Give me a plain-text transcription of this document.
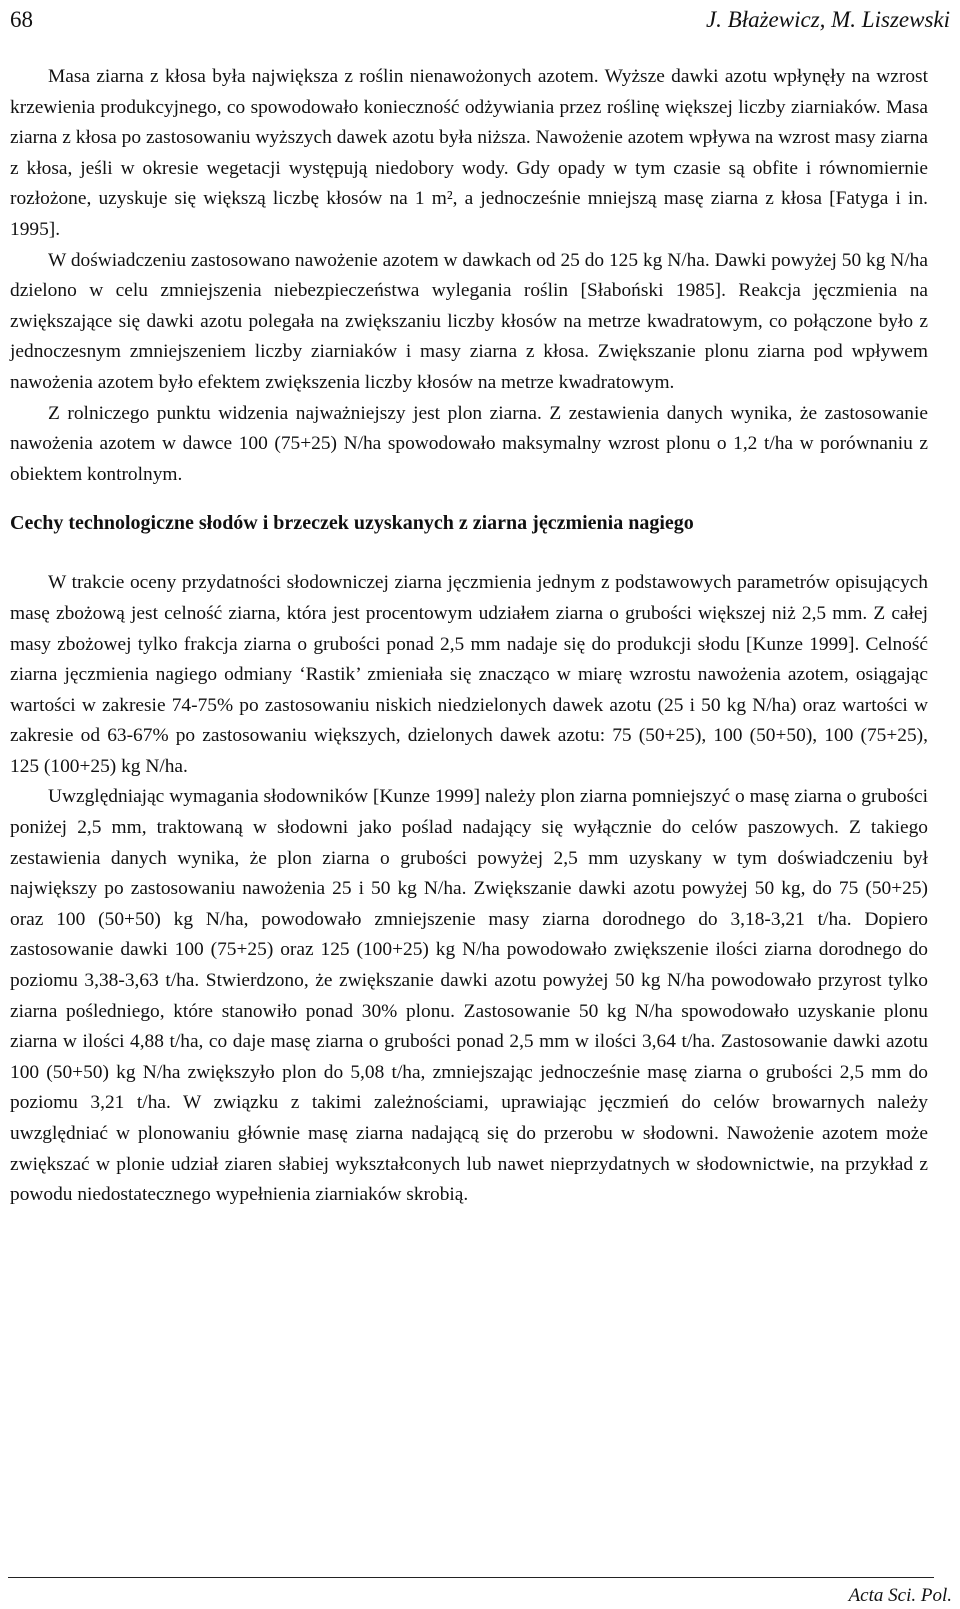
68	J. Błażewicz, M. Liszewski

Masa ziarna z kłosa była największa z roślin nienawożonych azotem. Wyższe dawki azotu wpłynęły na wzrost krzewienia produkcyjnego, co spowodowało konieczność odżywiania przez roślinę większej liczby ziarniaków. Masa ziarna z kłosa po zastosowaniu wyższych dawek azotu była niższa. Nawożenie azotem wpływa na wzrost masy ziarna z kłosa, jeśli w okresie wegetacji występują niedobory wody. Gdy opady w tym czasie są obfite i równomiernie rozłożone, uzyskuje się większą liczbę kłosów na 1 m², a jednocześnie mniejszą masę ziarna z kłosa [Fatyga i in. 1995].

W doświadczeniu zastosowano nawożenie azotem w dawkach od 25 do 125 kg N/ha. Dawki powyżej 50 kg N/ha dzielono w celu zmniejszenia niebezpieczeństwa wylegania roślin [Słaboński 1985]. Reakcja jęczmienia na zwiększające się dawki azotu polegała na zwiększaniu liczby kłosów na metrze kwadratowym, co połączone było z jednoczesnym zmniejszeniem liczby ziarniaków i masy ziarna z kłosa. Zwiększanie plonu ziarna pod wpływem nawożenia azotem było efektem zwiększenia liczby kłosów na metrze kwadratowym.

Z rolniczego punktu widzenia najważniejszy jest plon ziarna. Z zestawienia danych wynika, że zastosowanie nawożenia azotem w dawce 100 (75+25) N/ha spowodowało maksymalny wzrost plonu o 1,2 t/ha w porównaniu z obiektem kontrolnym.

Cechy technologiczne słodów i brzeczek uzyskanych z ziarna jęczmienia nagiego

W trakcie oceny przydatności słodowniczej ziarna jęczmienia jednym z podstawowych parametrów opisujących masę zbożową jest celność ziarna, która jest procentowym udziałem ziarna o grubości większej niż 2,5 mm. Z całej masy zbożowej tylko frakcja ziarna o grubości ponad 2,5 mm nadaje się do produkcji słodu [Kunze 1999]. Celność ziarna jęczmienia nagiego odmiany ‘Rastik’ zmieniała się znacząco w miarę wzrostu nawożenia azotem, osiągając wartości w zakresie 74-75% po zastosowaniu niskich niedzielonych dawek azotu (25 i 50 kg N/ha) oraz wartości w zakresie od 63-67% po zastosowaniu większych, dzielonych dawek azotu: 75 (50+25), 100 (50+50), 100 (75+25), 125 (100+25) kg N/ha.

Uwzględniając wymagania słodowników [Kunze 1999] należy plon ziarna pomniejszyć o masę ziarna o grubości poniżej 2,5 mm, traktowaną w słodowni jako poślad nadający się wyłącznie do celów paszowych. Z takiego zestawienia danych wynika, że plon ziarna o grubości powyżej 2,5 mm uzyskany w tym doświadczeniu był największy po zastosowaniu nawożenia 25 i 50 kg N/ha. Zwiększanie dawki azotu powyżej 50 kg, do 75 (50+25) oraz 100 (50+50) kg N/ha, powodowało zmniejszenie masy ziarna dorodnego do 3,18-3,21 t/ha. Dopiero zastosowanie dawki 100 (75+25) oraz 125 (100+25) kg N/ha powodowało zwiększenie ilości ziarna dorodnego do poziomu 3,38-3,63 t/ha. Stwierdzono, że zwiększanie dawki azotu powyżej 50 kg N/ha powodowało przyrost tylko ziarna pośledniego, które stanowiło ponad 30% plonu. Zastosowanie 50 kg N/ha spowodowało uzyskanie plonu ziarna w ilości 4,88 t/ha, co daje masę ziarna o grubości ponad 2,5 mm w ilości 3,64 t/ha. Zastosowanie dawki azotu 100 (50+50) kg N/ha zwiększyło plon do 5,08 t/ha, zmniejszając jednocześnie masę ziarna o grubości 2,5 mm do poziomu 3,21 t/ha. W związku z takimi zależnościami, uprawiając jęczmień do celów browarnych należy uwzględniać w plonowaniu głównie masę ziarna nadającą się do przerobu w słodowni. Nawożenie azotem może zwiększać w plonie udział ziaren słabiej wykształconych lub nawet nieprzydatnych w słodownictwie, na przykład z powodu niedostatecznego wypełnienia ziarniaków skrobią.

Acta Sci. Pol.
